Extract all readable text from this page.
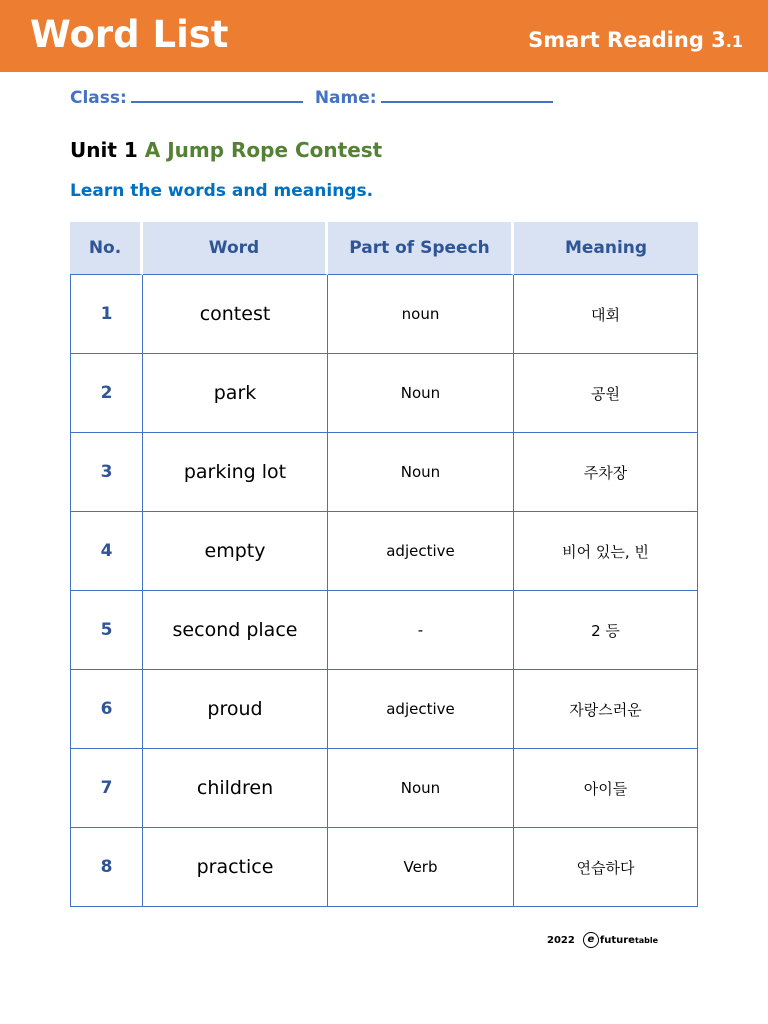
Word List	Smart Reading 3.1
Class:	Name:
Unit 1 A Jump Rope Contest
Learn the words and meanings.
No.	Word	Part of Speech	Meaning
1	contest	noun	대회
2	park	Noun	공원
3	parking lot	Noun	주차장
4	empty	adjective	비어 있는, 빈
5	second place	-	2 등
6	proud	adjective	자랑스러운
7	children	Noun	아이들
8	practice	Verb	연습하다
2022 e futuretable
